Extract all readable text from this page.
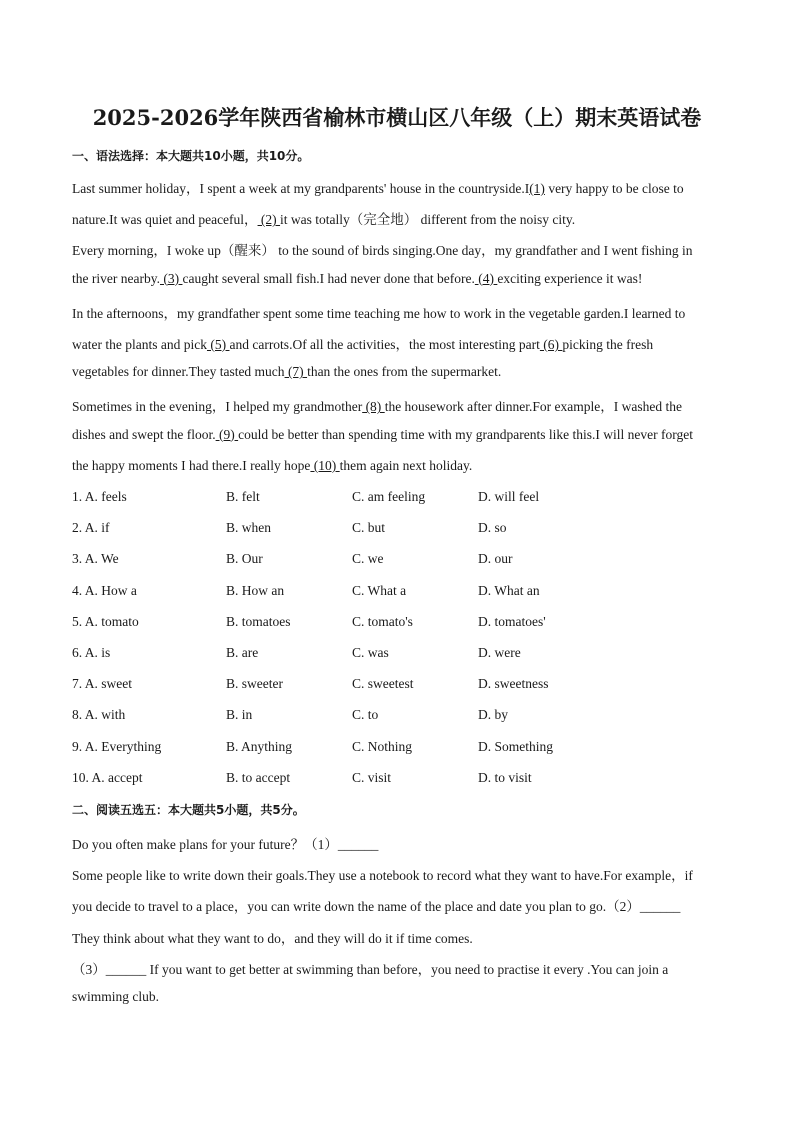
2025-2026学年陕西省榆林市横山区八年级（上）期末英语试卷
一、语法选择：本大题共10小题，共10分。
Last summer holiday，I spent a week at my grandparents' house in the countryside.I(1) very happy to be close to
nature.It was quiet and peaceful， (2) it was totally（完全地） different from the noisy city.
Every morning，I woke up（醒来） to the sound of birds singing.One day，my grandfather and I went fishing in
the river nearby. (3) caught several small fish.I had never done that before. (4) exciting experience it was!
In the afternoons，my grandfather spent some time teaching me how to work in the vegetable garden.I learned to
water the plants and pick (5) and carrots.Of all the activities，the most interesting part (6) picking the fresh
vegetables for dinner.They tasted much (7) than the ones from the supermarket.
Sometimes in the evening，I helped my grandmother (8) the housework after dinner.For example，I washed the
dishes and swept the floor. (9) could be better than spending time with my grandparents like this.I will never forget
the happy moments I had there.I really hope (10) them again next holiday.
1. A. feels	B. felt	C. am feeling	D. will feel
2. A. if	B. when	C. but	D. so
3. A. We	B. Our	C. we	D. our
4. A. How a	B. How an	C. What a	D. What an
5. A. tomato	B. tomatoes	C. tomato's	D. tomatoes'
6. A. is	B. are	C. was	D. were
7. A. sweet	B. sweeter	C. sweetest	D. sweetness
8. A. with	B. in	C. to	D. by
9. A. Everything	B. Anything	C. Nothing	D. Something
10. A. accept	B. to accept	C. visit	D. to visit
二、阅读五选五：本大题共5小题，共5分。
Do you often make plans for your future？（1）______
Some people like to write down their goals.They use a notebook to record what they want to have.For example，if
you decide to travel to a place，you can write down the name of the place and date you plan to go.（2）______
They think about what they want to do，and they will do it if time comes.
（3）______ If you want to get better at swimming than before，you need to practise it every .You can join a
swimming club.
